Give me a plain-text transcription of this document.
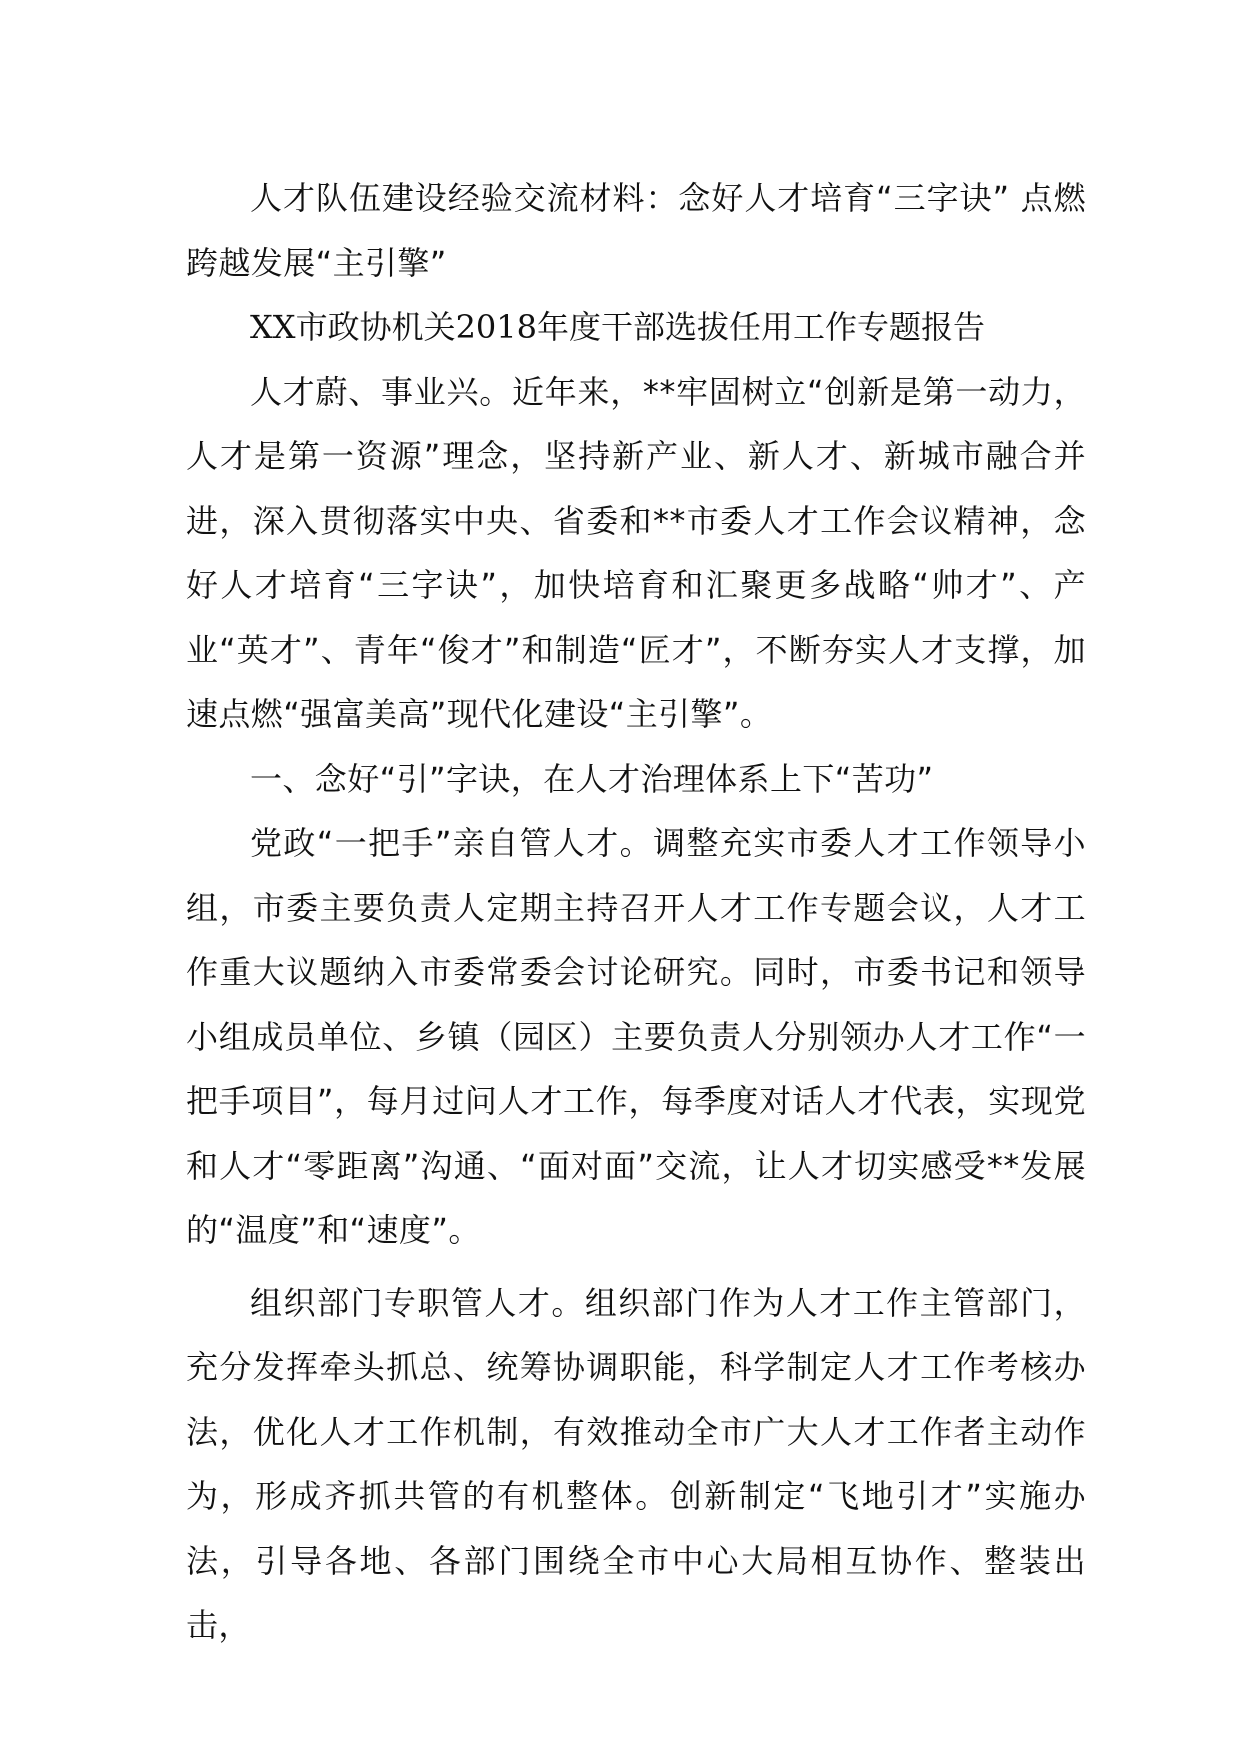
人才队伍建设经验交流材料：念好人才培育“三字诀” 点燃跨越发展“主引擎”

XX市政协机关2018年度干部选拔任用工作专题报告

人才蔚、事业兴。近年来，**牢固树立“创新是第一动力，人才是第一资源”理念，坚持新产业、新人才、新城市融合并进，深入贯彻落实中央、省委和**市委人才工作会议精神，念好人才培育“三字诀”，加快培育和汇聚更多战略“帅才”、产业“英才”、青年“俊才”和制造“匠才”，不断夯实人才支撑，加速点燃“强富美高”现代化建设“主引擎”。

一、念好“引”字诀，在人才治理体系上下“苦功”

党政“一把手”亲自管人才。调整充实市委人才工作领导小组，市委主要负责人定期主持召开人才工作专题会议，人才工作重大议题纳入市委常委会讨论研究。同时，市委书记和领导小组成员单位、乡镇（园区）主要负责人分别领办人才工作“一把手项目”，每月过问人才工作，每季度对话人才代表，实现党和人才“零距离”沟通、“面对面”交流，让人才切实感受**发展的“温度”和“速度”。

组织部门专职管人才。组织部门作为人才工作主管部门，充分发挥牵头抓总、统筹协调职能，科学制定人才工作考核办法，优化人才工作机制，有效推动全市广大人才工作者主动作为，形成齐抓共管的有机整体。创新制定“飞地引才”实施办法，引导各地、各部门围绕全市中心大局相互协作、整装出击，
